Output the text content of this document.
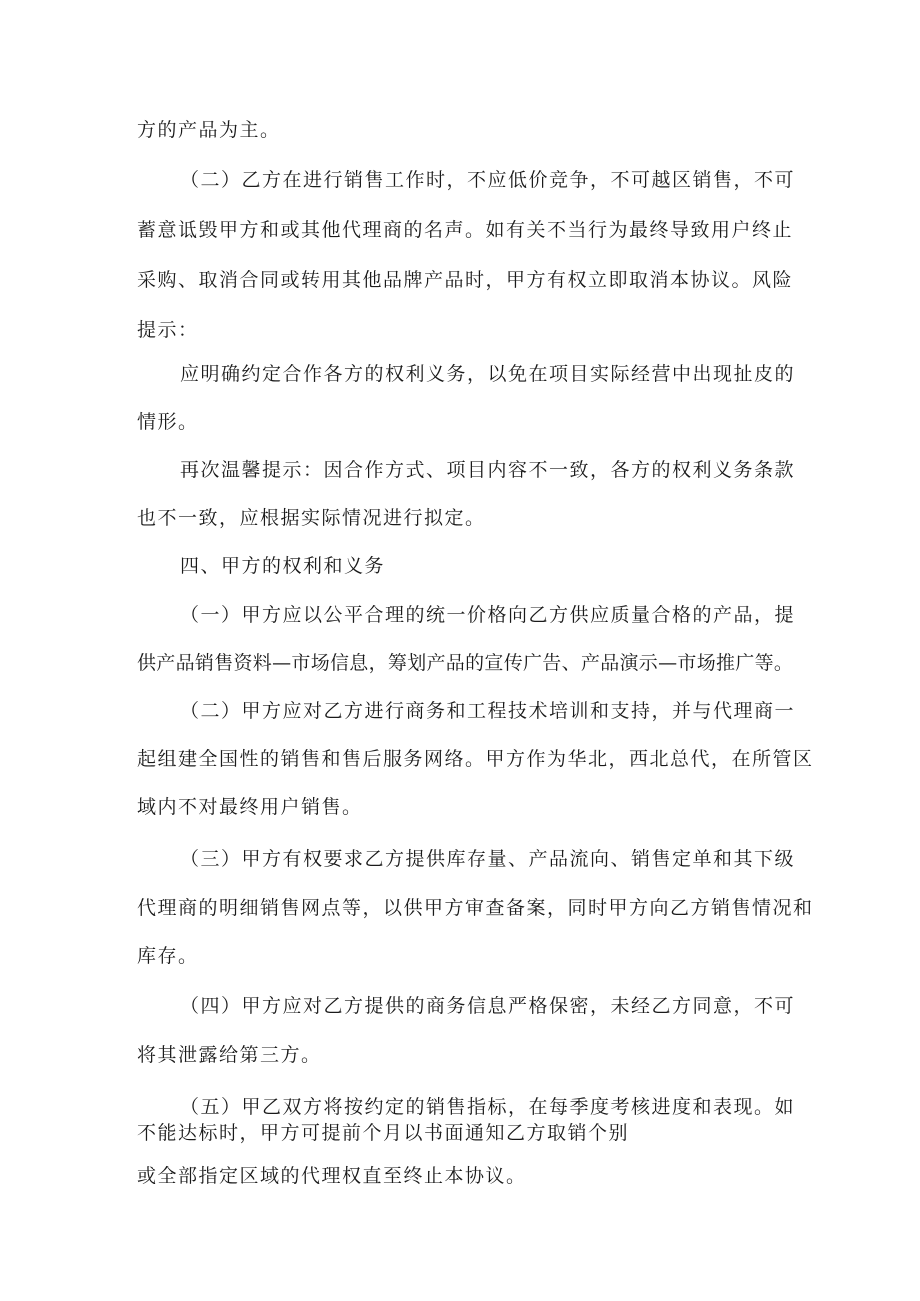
方的产品为主。
（二）乙方在进行销售工作时，不应低价竞争，不可越区销售，不可
蓄意诋毁甲方和或其他代理商的名声。如有关不当行为最终导致用户终止
采购、取消合同或转用其他品牌产品时，甲方有权立即取消本协议。风险
提示：
应明确约定合作各方的权利义务，以免在项目实际经营中出现扯皮的
情形。
再次温馨提示：因合作方式、项目内容不一致，各方的权利义务条款
也不一致，应根据实际情况进行拟定。
四、甲方的权利和义务
（一）甲方应以公平合理的统一价格向乙方供应质量合格的产品，提
供产品销售资料—市场信息，筹划产品的宣传广告、产品演示—市场推广等。
（二）甲方应对乙方进行商务和工程技术培训和支持，并与代理商一
起组建全国性的销售和售后服务网络。甲方作为华北，西北总代，在所管区
域内不对最终用户销售。
（三）甲方有权要求乙方提供库存量、产品流向、销售定单和其下级
代理商的明细销售网点等，以供甲方审查备案，同时甲方向乙方销售情况和
库存。
（四）甲方应对乙方提供的商务信息严格保密，未经乙方同意，不可
将其泄露给第三方。
（五）甲乙双方将按约定的销售指标，在每季度考核进度和表现。如
不能达标时，甲方可提前个月以书面通知乙方取销个别
或全部指定区域的代理权直至终止本协议。
